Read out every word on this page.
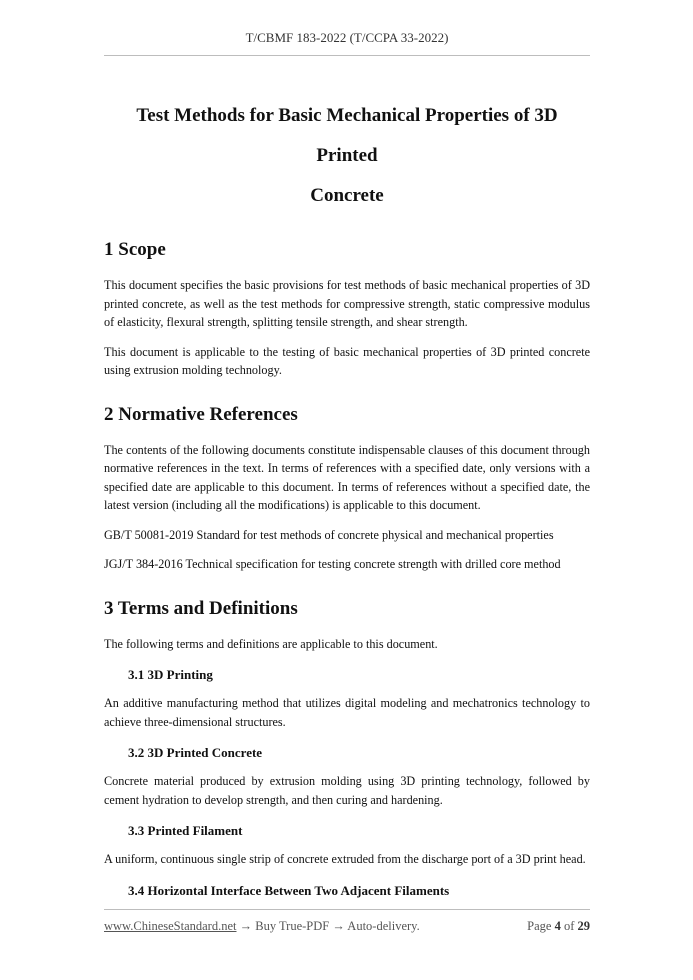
T/CBMF 183-2022 (T/CCPA 33-2022)

Test Methods for Basic Mechanical Properties of 3D Printed

Concrete

1 Scope

This document specifies the basic provisions for test methods of basic mechanical properties of 3D printed concrete, as well as the test methods for compressive strength, static compressive modulus of elasticity, flexural strength, splitting tensile strength, and shear strength.

This document is applicable to the testing of basic mechanical properties of 3D printed concrete using extrusion molding technology.

2 Normative References

The contents of the following documents constitute indispensable clauses of this document through normative references in the text. In terms of references with a specified date, only versions with a specified date are applicable to this document. In terms of references without a specified date, the latest version (including all the modifications) is applicable to this document.

GB/T 50081-2019 Standard for test methods of concrete physical and mechanical properties

JGJ/T 384-2016 Technical specification for testing concrete strength with drilled core method

3 Terms and Definitions

The following terms and definitions are applicable to this document.

3.1 3D Printing

An additive manufacturing method that utilizes digital modeling and mechatronics technology to achieve three-dimensional structures.

3.2 3D Printed Concrete

Concrete material produced by extrusion molding using 3D printing technology, followed by cement hydration to develop strength, and then curing and hardening.

3.3 Printed Filament

A uniform, continuous single strip of concrete extruded from the discharge port of a 3D print head.

3.4 Horizontal Interface Between Two Adjacent Filaments

www.ChineseStandard.net → Buy True-PDF → Auto-delivery.	Page 4 of 29
